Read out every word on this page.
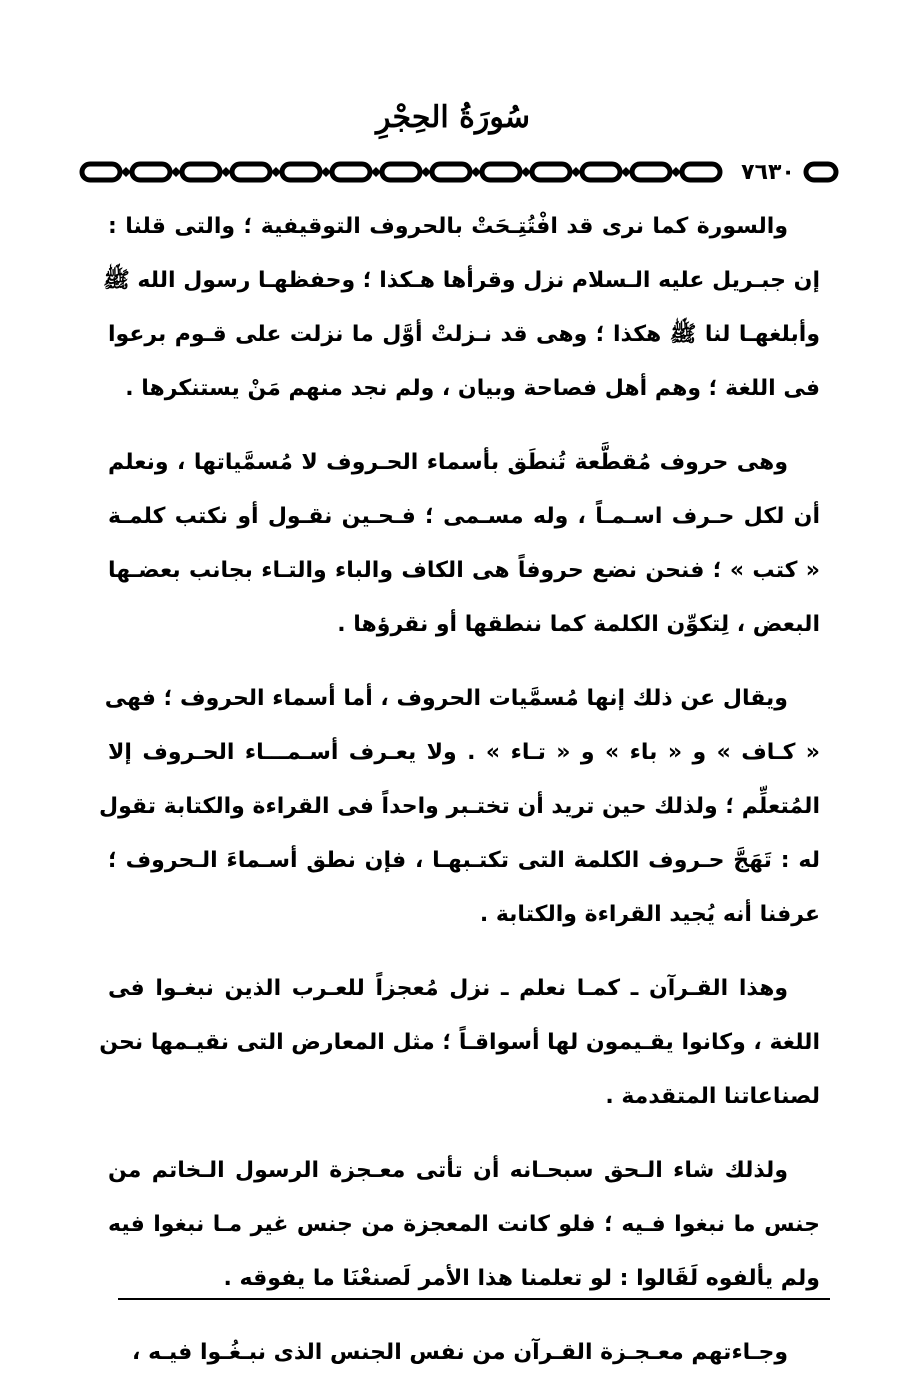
سُورَةُ الحِجْرِ
٧٦٣٠
والسورة كما نرى قد افْتُتِـحَتْ بالحروف التوقيفية ؛ والتى قلنا :
إن جبـريل عليه الـسلام نزل وقرأها هـكذا ؛ وحفظهـا رسول الله ﷺ
وأبلغهـا لنا ﷺ هكذا ؛ وهى قد نـزلتْ أوَّل ما نزلت على قـوم برعوا
فى اللغة ؛ وهم أهل فصاحة وبيان ، ولم نجد منهم مَنْ يستنكرها .
وهى حروف مُقطَّعة تُنطَق بأسماء الحـروف لا مُسمَّياتها ، ونعلم
أن لكل حـرف اسـمـاً ، وله مسـمى ؛ فـحـين نقـول أو نكتب كلمـة
« كتب » ؛ فنحن نضع حروفاً هى الكاف والباء والتـاء بجانب بعضـها
البعض ، لِتكوِّن الكلمة كما ننطقها أو نقرؤها .
ويقال عن ذلك إنها مُسمَّيات الحروف ، أما أسماء الحروف ؛ فهى
« كـاف » و « باء » و « تـاء » . ولا يعـرف أسـمـــاء الحـروف إلا
المُتعلِّم ؛ ولذلك حين تريد أن تختـبر واحداً فى القراءة والكتابة تقول
له : تَهَجَّ حـروف الكلمة التى تكتـبهـا ، فإن نطق أسـماءَ الـحروف ؛
عرفنا أنه يُجيد القراءة والكتابة .
وهذا القـرآن ـ كمـا نعلم ـ نزل مُعجزاً للعـرب الذين نبغـوا فى
اللغة ، وكانوا يقـيمون لها أسواقـاً ؛ مثل المعارض التى نقيـمها نحن
لصناعاتنا المتقدمة .
ولذلك شاء الـحق سبحـانه أن تأتى معـجزة الرسول الـخاتم من
جنس ما نبغوا فـيه ؛ فلو كانت المعجزة من جنس غير مـا نبغوا فيه
ولم يألفوه لَقَالوا : لو تعلمنا هذا الأمر لَصنعْنَا ما يفوقه .
وجـاءتهم معـجـزة القـرآن من نفس الجنس الذى نبـغُـوا فيـه ،
